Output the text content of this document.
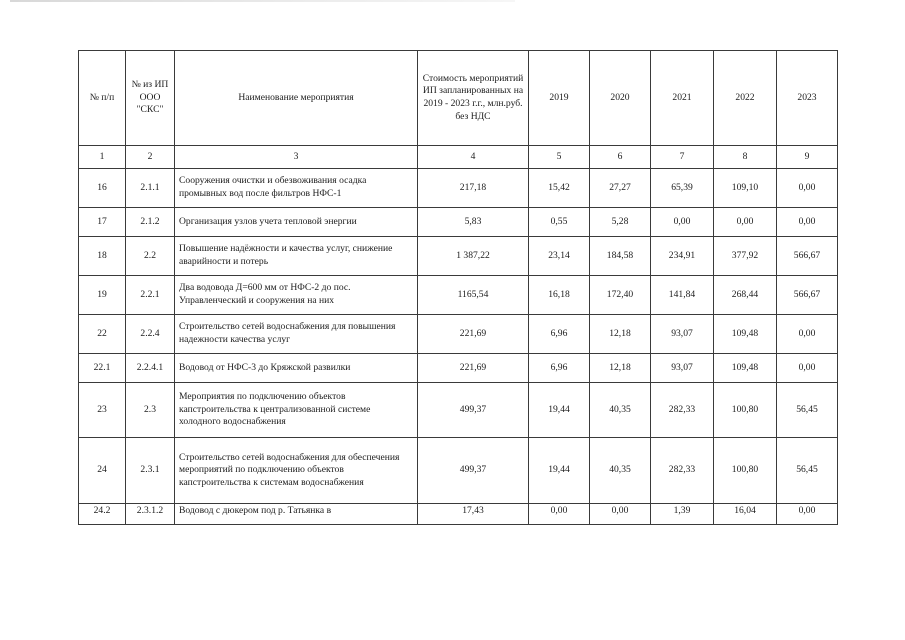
№ п/п	№ из ИП ООО "СКС"	Наименование мероприятия	Стоимость мероприятий ИП запланированных на 2019 - 2023 г.г., млн.руб. без НДС	2019	2020	2021	2022	2023
1	2	3	4	5	6	7	8	9
16	2.1.1	Сооружения очистки и обезвоживания осадка промывных вод после фильтров НФС-1	217,18	15,42	27,27	65,39	109,10	0,00
17	2.1.2	Организация узлов учета тепловой энергии	5,83	0,55	5,28	0,00	0,00	0,00
18	2.2	Повышение надёжности и качества услуг, снижение аварийности и потерь	1 387,22	23,14	184,58	234,91	377,92	566,67
19	2.2.1	Два водовода Д=600 мм от НФС-2 до пос. Управленческий и сооружения на них	1165,54	16,18	172,40	141,84	268,44	566,67
22	2.2.4	Строительство сетей водоснабжения для повышения надежности качества услуг	221,69	6,96	12,18	93,07	109,48	0,00
22.1	2.2.4.1	Водовод от НФС-3 до Кряжской развилки	221,69	6,96	12,18	93,07	109,48	0,00
23	2.3	Мероприятия по подключению объектов капстроительства к централизованной системе холодного водоснабжения	499,37	19,44	40,35	282,33	100,80	56,45
24	2.3.1	Строительство сетей водоснабжения для обеспечения мероприятий по подключению объектов капстроительства к системам водоснабжения	499,37	19,44	40,35	282,33	100,80	56,45
24.2	2.3.1.2	Водовод с дюкером под р. Татьянка в	17,43	0,00	0,00	1,39	16,04	0,00
